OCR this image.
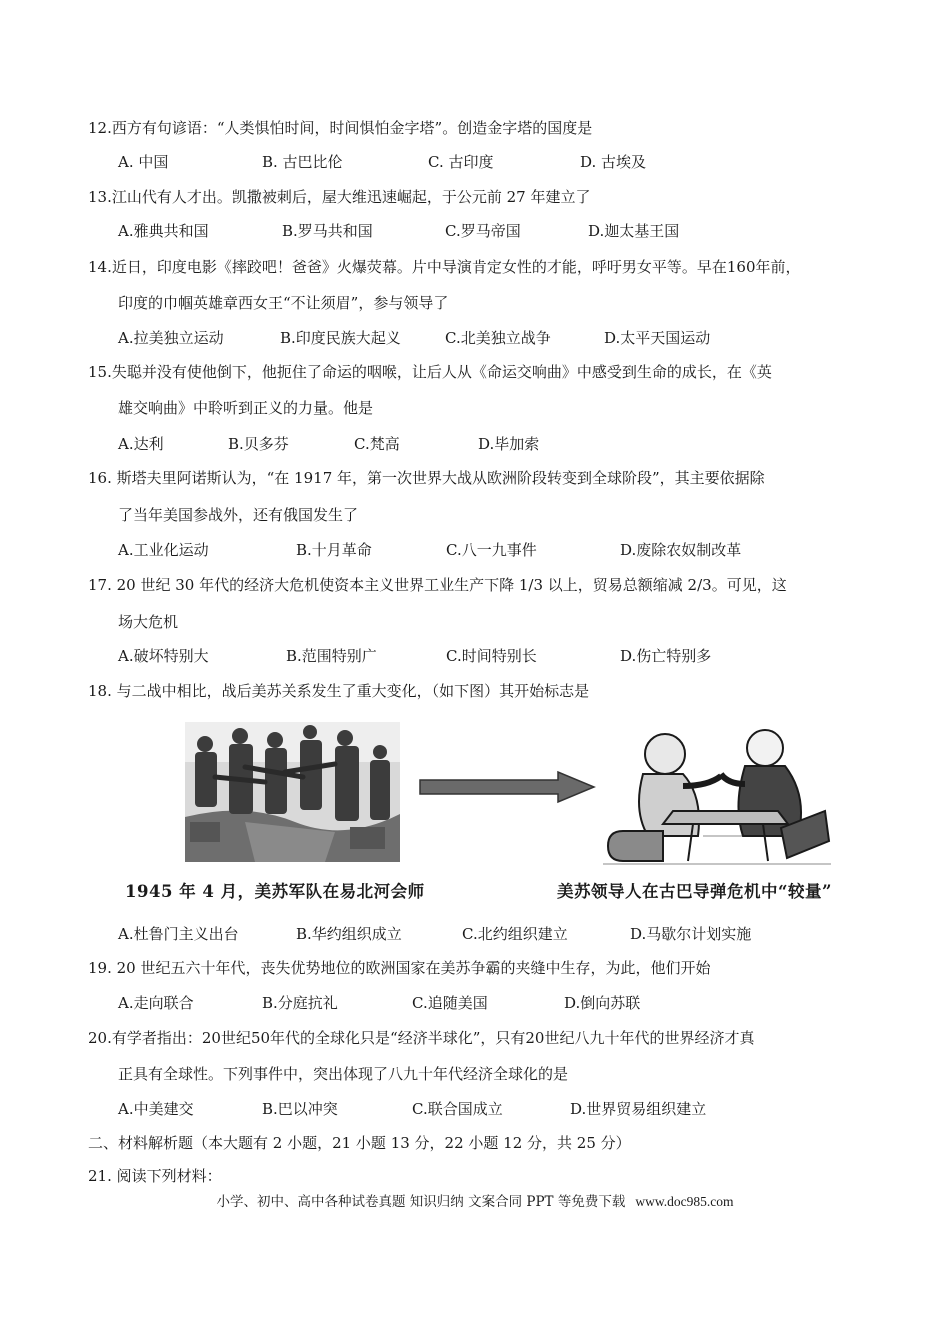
12.西方有句谚语：“人类惧怕时间，时间惧怕金字塔”。创造金字塔的国度是
A. 中国	B. 古巴比伦	C. 古印度	D. 古埃及
13.江山代有人才出。凯撒被刺后，屋大维迅速崛起，于公元前 27 年建立了
A.雅典共和国	B.罗马共和国	C.罗马帝国	D.迦太基王国
14.近日，印度电影《摔跤吧！爸爸》火爆荧幕。片中导演肯定女性的才能，呼吁男女平等。早在160年前，
印度的巾帼英雄章西女王“不让须眉”，参与领导了
A.拉美独立运动	B.印度民族大起义	C.北美独立战争	D.太平天国运动
15.失聪并没有使他倒下，他扼住了命运的咽喉，让后人从《命运交响曲》中感受到生命的成长，在《英
雄交响曲》中聆听到正义的力量。他是
A.达利	B.贝多芬	C.梵高	D.毕加索
16. 斯塔夫里阿诺斯认为，“在 1917 年，第一次世界大战从欧洲阶段转变到全球阶段”，其主要依据除
了当年美国参战外，还有俄国发生了
A.工业化运动	B.十月革命	C.八一九事件	D.废除农奴制改革
17. 20 世纪 30 年代的经济大危机使资本主义世界工业生产下降 1/3 以上，贸易总额缩减 2/3。可见，这
场大危机
A.破坏特别大	B.范围特别广	C.时间特别长	D.伤亡特别多
18. 与二战中相比，战后美苏关系发生了重大变化，（如下图）其开始标志是
1945 年 4 月，美苏军队在易北河会师	美苏领导人在古巴导弹危机中“较量”
A.杜鲁门主义出台	B.华约组织成立	C.北约组织建立	D.马歇尔计划实施
19. 20 世纪五六十年代，丧失优势地位的欧洲国家在美苏争霸的夹缝中生存，为此，他们开始
A.走向联合	B.分庭抗礼	C.追随美国	D.倒向苏联
20.有学者指出：20世纪50年代的全球化只是“经济半球化”，只有20世纪八九十年代的世界经济才真
正具有全球性。下列事件中，突出体现了八九十年代经济全球化的是
A.中美建交	B.巴以冲突	C.联合国成立	D.世界贸易组织建立
二、材料解析题（本大题有 2 小题，21 小题 13 分，22 小题 12 分，共 25 分）
21. 阅读下列材料：
小学、初中、高中各种试卷真题 知识归纳 文案合同 PPT 等免费下载 www.doc985.com
